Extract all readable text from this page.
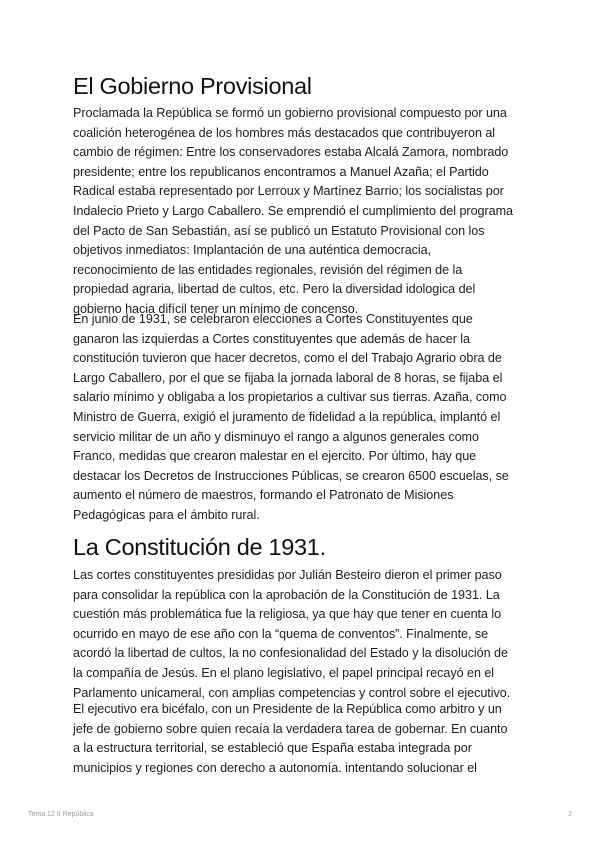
El Gobierno Provisional

Proclamada la República se formó un gobierno provisional compuesto por una
coalición heterogénea de los hombres más destacados que contribuyeron al
cambio de régimen: Entre los conservadores estaba Alcalá Zamora, nombrado
presidente; entre los republicanos encontramos a Manuel Azaña; el Partido
Radical estaba representado por Lerroux y Martínez Barrio; los socialistas por
Indalecio Prieto y Largo Caballero. Se emprendió el cumplimiento del programa
del Pacto de San Sebastián, así se publicó un Estatuto Provisional con los
objetivos inmediatos: Implantación de una auténtica democracia,
reconocimiento de las entidades regionales, revisión del régimen de la
propiedad agraria, libertad de cultos, etc. Pero la diversidad idologica del
gobierno hacia difícil tener un mínimo de concenso.

En junio de 1931, se celebraron elecciones a Cortes Constituyentes que
ganaron las izquierdas a Cortes constituyentes que además de hacer la
constitución tuvieron que hacer decretos, como el del Trabajo Agrario obra de
Largo Caballero, por el que se fijaba la jornada laboral de 8 horas, se fijaba el
salario mínimo y obligaba a los propietarios a cultivar sus tierras. Azaña, como
Ministro de Guerra, exigió el juramento de fidelidad a la república, implantó el
servicio militar de un año y disminuyo el rango a algunos generales como
Franco, medidas que crearon malestar en el ejercito. Por último, hay que
destacar los Decretos de Instrucciones Públicas, se crearon 6500 escuelas, se
aumento el número de maestros, formando el Patronato de Misiones
Pedagógicas para el ámbito rural.

La Constitución de 1931.

Las cortes constituyentes presididas por Julián Besteiro dieron el primer paso
para consolidar la república con la aprobación de la Constitución de 1931. La
cuestión más problemática fue la religiosa, ya que hay que tener en cuenta lo
ocurrido en mayo de ese año con la “quema de conventos”. Finalmente, se
acordó la libertad de cultos, la no confesionalidad del Estado y la disolución de
la compañía de Jesús. En el plano legislativo, el papel principal recayó en el
Parlamento unicameral, con amplias competencias y control sobre el ejecutivo.

El ejecutivo era bicéfalo, con un Presidente de la República como arbitro y un
jefe de gobierno sobre quien recaía la verdadera tarea de gobernar. En cuanto
a la estructura territorial, se estableció que España estaba integrada por
municipios y regiones con derecho a autonomía. intentando solucionar el

Tema 12 II República	2
